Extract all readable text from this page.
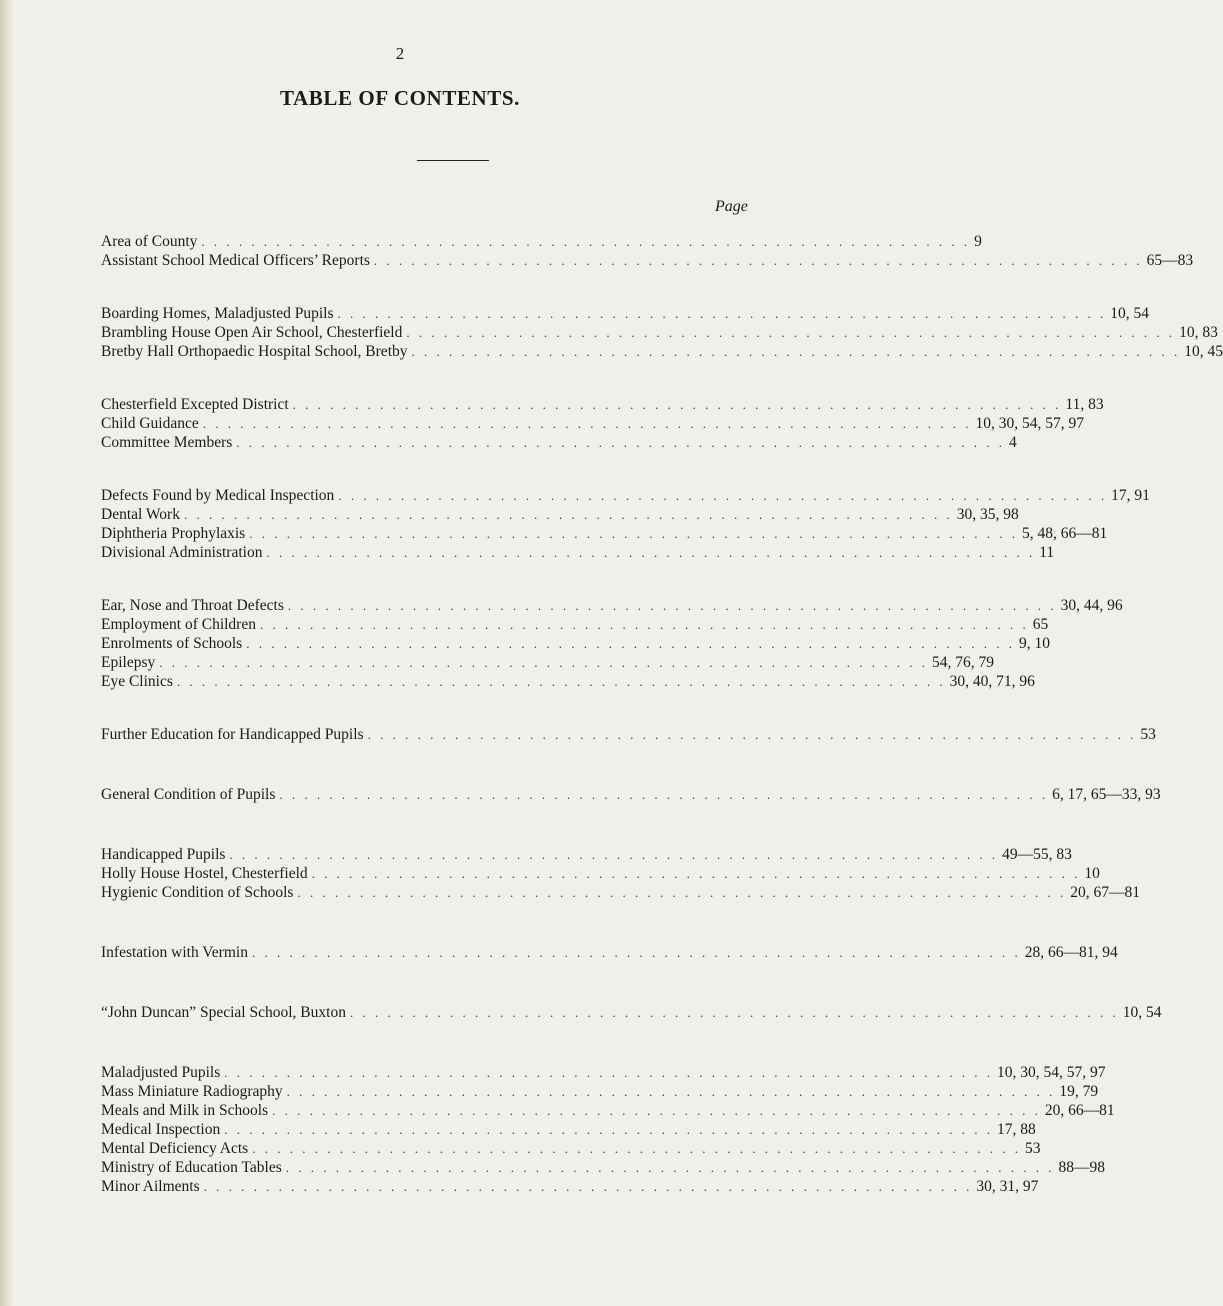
2
TABLE OF CONTENTS.
Page
Area of County . . . . . . . . . . . . . . . . . . . . . . . . . . . . . . . . . . . . . . . . . . . . . . . . . . . . . . . . . . . . . . 9
Assistant School Medical Officers’ Reports . . . . . . . . . . . . . . . . . . . . . . . . . . . . . . . . . . . . . . . . . . . . . . . . . . . . . . . . . . . . . . 65—83
Boarding Homes, Maladjusted Pupils . . . . . . . . . . . . . . . . . . . . . . . . . . . . . . . . . . . . . . . . . . . . . . . . . . . . . . . . . . . . . . 10, 54
Brambling House Open Air School, Chesterfield . . . . . . . . . . . . . . . . . . . . . . . . . . . . . . . . . . . . . . . . . . . . . . . . . . . . . . . . . . . . . . 10, 83
Bretby Hall Orthopaedic Hospital School, Bretby . . . . . . . . . . . . . . . . . . . . . . . . . . . . . . . . . . . . . . . . . . . . . . . . . . . . . . . . . . . . . . 10, 45
Chesterfield Excepted District . . . . . . . . . . . . . . . . . . . . . . . . . . . . . . . . . . . . . . . . . . . . . . . . . . . . . . . . . . . . . . 11, 83
Child Guidance . . . . . . . . . . . . . . . . . . . . . . . . . . . . . . . . . . . . . . . . . . . . . . . . . . . . . . . . . . . . . . 10, 30, 54, 57, 97
Committee Members . . . . . . . . . . . . . . . . . . . . . . . . . . . . . . . . . . . . . . . . . . . . . . . . . . . . . . . . . . . . . . 4
Defects Found by Medical Inspection . . . . . . . . . . . . . . . . . . . . . . . . . . . . . . . . . . . . . . . . . . . . . . . . . . . . . . . . . . . . . . 17, 91
Dental Work . . . . . . . . . . . . . . . . . . . . . . . . . . . . . . . . . . . . . . . . . . . . . . . . . . . . . . . . . . . . . . 30, 35, 98
Diphtheria Prophylaxis . . . . . . . . . . . . . . . . . . . . . . . . . . . . . . . . . . . . . . . . . . . . . . . . . . . . . . . . . . . . . . 5, 48, 66—81
Divisional Administration . . . . . . . . . . . . . . . . . . . . . . . . . . . . . . . . . . . . . . . . . . . . . . . . . . . . . . . . . . . . . . 11
Ear, Nose and Throat Defects . . . . . . . . . . . . . . . . . . . . . . . . . . . . . . . . . . . . . . . . . . . . . . . . . . . . . . . . . . . . . . 30, 44, 96
Employment of Children . . . . . . . . . . . . . . . . . . . . . . . . . . . . . . . . . . . . . . . . . . . . . . . . . . . . . . . . . . . . . . 65
Enrolments of Schools . . . . . . . . . . . . . . . . . . . . . . . . . . . . . . . . . . . . . . . . . . . . . . . . . . . . . . . . . . . . . . 9, 10
Epilepsy . . . . . . . . . . . . . . . . . . . . . . . . . . . . . . . . . . . . . . . . . . . . . . . . . . . . . . . . . . . . . . 54, 76, 79
Eye Clinics . . . . . . . . . . . . . . . . . . . . . . . . . . . . . . . . . . . . . . . . . . . . . . . . . . . . . . . . . . . . . . 30, 40, 71, 96
Further Education for Handicapped Pupils . . . . . . . . . . . . . . . . . . . . . . . . . . . . . . . . . . . . . . . . . . . . . . . . . . . . . . . . . . . . . . 53
General Condition of Pupils . . . . . . . . . . . . . . . . . . . . . . . . . . . . . . . . . . . . . . . . . . . . . . . . . . . . . . . . . . . . . . 6, 17, 65—33, 93
Handicapped Pupils . . . . . . . . . . . . . . . . . . . . . . . . . . . . . . . . . . . . . . . . . . . . . . . . . . . . . . . . . . . . . . 49—55, 83
Holly House Hostel, Chesterfield . . . . . . . . . . . . . . . . . . . . . . . . . . . . . . . . . . . . . . . . . . . . . . . . . . . . . . . . . . . . . . 10
Hygienic Condition of Schools . . . . . . . . . . . . . . . . . . . . . . . . . . . . . . . . . . . . . . . . . . . . . . . . . . . . . . . . . . . . . . 20, 67—81
Infestation with Vermin . . . . . . . . . . . . . . . . . . . . . . . . . . . . . . . . . . . . . . . . . . . . . . . . . . . . . . . . . . . . . . 28, 66—81, 94
“John Duncan” Special School, Buxton . . . . . . . . . . . . . . . . . . . . . . . . . . . . . . . . . . . . . . . . . . . . . . . . . . . . . . . . . . . . . . 10, 54
Maladjusted Pupils . . . . . . . . . . . . . . . . . . . . . . . . . . . . . . . . . . . . . . . . . . . . . . . . . . . . . . . . . . . . . . 10, 30, 54, 57, 97
Mass Miniature Radiography . . . . . . . . . . . . . . . . . . . . . . . . . . . . . . . . . . . . . . . . . . . . . . . . . . . . . . . . . . . . . . 19, 79
Meals and Milk in Schools . . . . . . . . . . . . . . . . . . . . . . . . . . . . . . . . . . . . . . . . . . . . . . . . . . . . . . . . . . . . . . 20, 66—81
Medical Inspection . . . . . . . . . . . . . . . . . . . . . . . . . . . . . . . . . . . . . . . . . . . . . . . . . . . . . . . . . . . . . . 17, 88
Mental Deficiency Acts . . . . . . . . . . . . . . . . . . . . . . . . . . . . . . . . . . . . . . . . . . . . . . . . . . . . . . . . . . . . . . 53
Ministry of Education Tables . . . . . . . . . . . . . . . . . . . . . . . . . . . . . . . . . . . . . . . . . . . . . . . . . . . . . . . . . . . . . . 88—98
Minor Ailments . . . . . . . . . . . . . . . . . . . . . . . . . . . . . . . . . . . . . . . . . . . . . . . . . . . . . . . . . . . . . . 30, 31, 97
